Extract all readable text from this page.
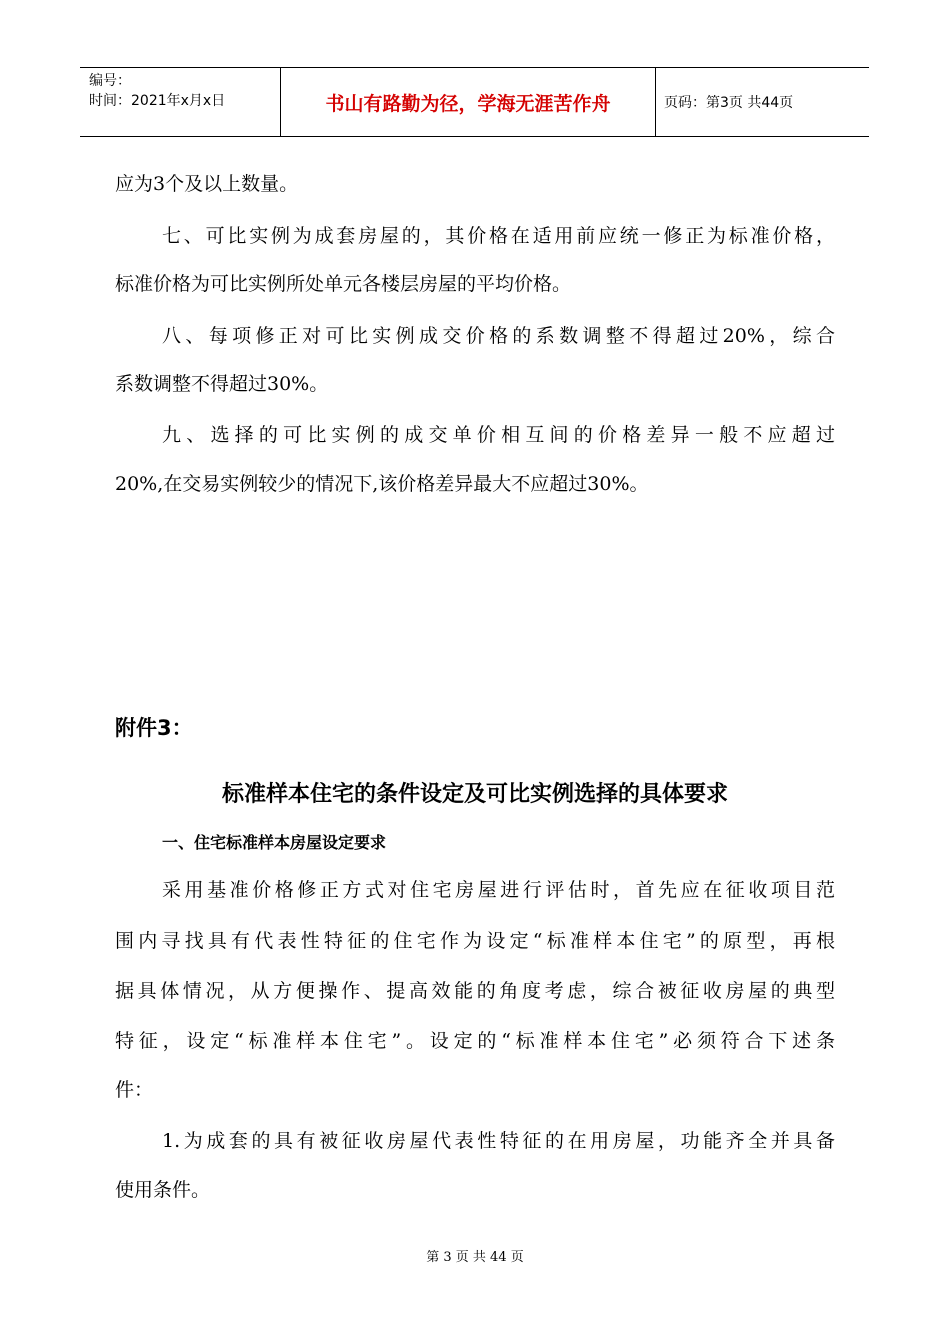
编号：
时间：2021年x月x日	书山有路勤为径，学海无涯苦作舟	页码：第3页 共44页
应为3个及以上数量。
七、可比实例为成套房屋的，其价格在适用前应统一修正为标准价格，
标准价格为可比实例所处单元各楼层房屋的平均价格。
八、每项修正对可比实例成交价格的系数调整不得超过20%，综合
系数调整不得超过30%。
九、选择的可比实例的成交单价相互间的价格差异一般不应超过
20%,在交易实例较少的情况下,该价格差异最大不应超过30%。
附件3：
标准样本住宅的条件设定及可比实例选择的具体要求
一、住宅标准样本房屋设定要求
采用基准价格修正方式对住宅房屋进行评估时，首先应在征收项目范
围内寻找具有代表性特征的住宅作为设定“标准样本住宅”的原型，再根
据具体情况，从方便操作、提高效能的角度考虑，综合被征收房屋的典型
特征，设定“标准样本住宅”。设定的“标准样本住宅”必须符合下述条
件：
1.为成套的具有被征收房屋代表性特征的在用房屋，功能齐全并具备
使用条件。
第 3 页 共 44 页
